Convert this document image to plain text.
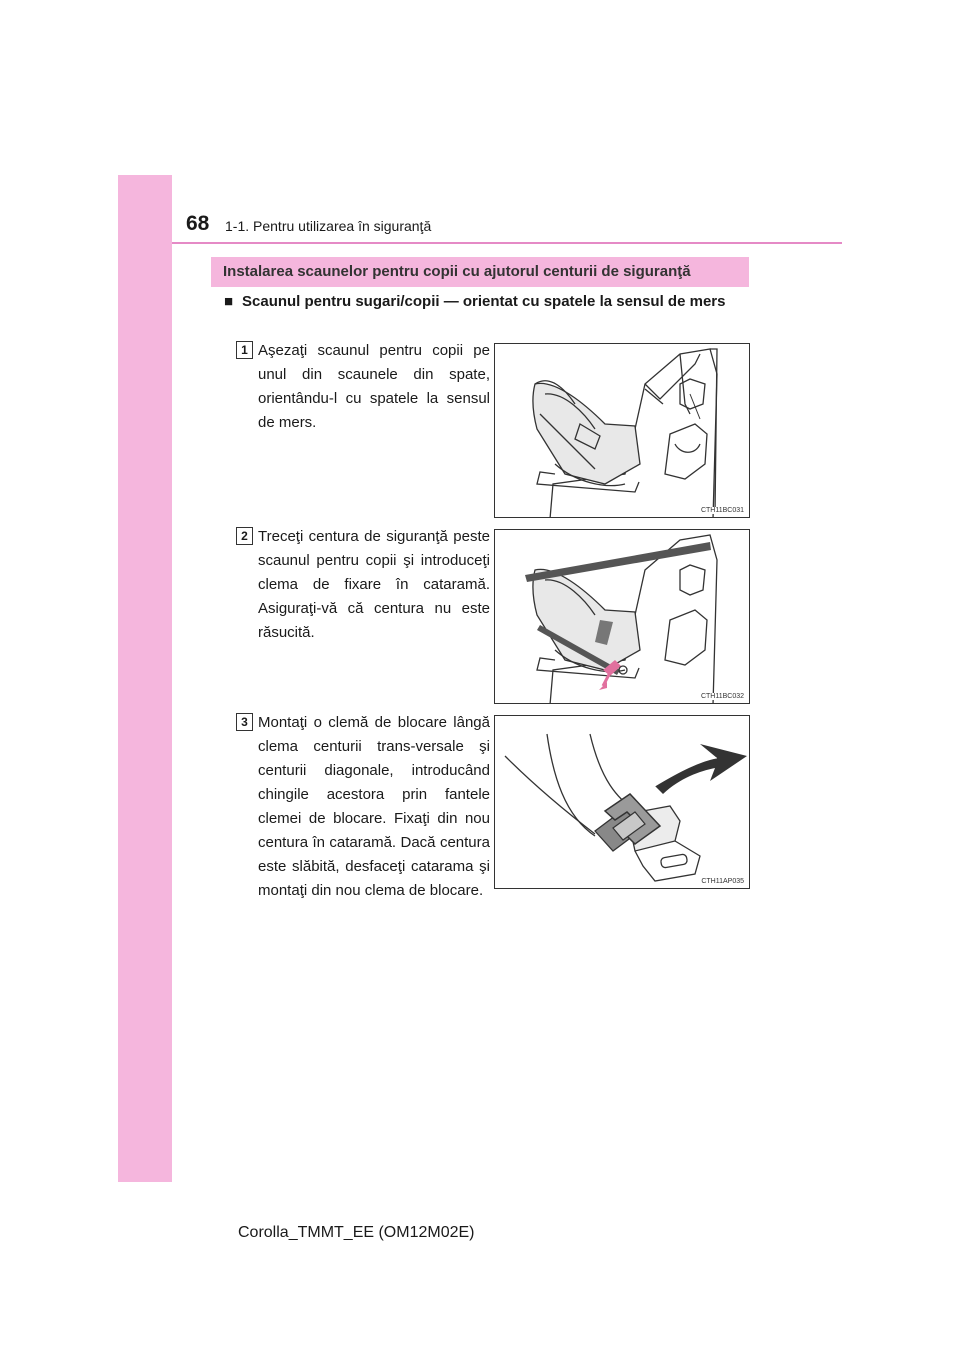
68 1-1. Pentru utilizarea în siguranţă
Instalarea scaunelor pentru copii cu ajutorul centurii de siguranţă
■ Scaunul pentru sugari/copii — orientat cu spatele la sensul de mers
1 Aşezaţi scaunul pentru copii pe unul din scaunele din spate, orientându-l cu spatele la sensul de mers.
CTH11BC031
2 Treceţi centura de siguranţă peste scaunul pentru copii şi introduceţi clema de fixare în cataramă. Asiguraţi-vă că centura nu este răsucită.
CTH11BC032
3 Montaţi o clemă de blocare lângă clema centurii trans-versale şi centurii diagonale, introducând chingile acestora prin fantele clemei de blocare. Fixaţi din nou centura în cataramă. Dacă centura este slăbită, desfaceţi catarama şi montaţi din nou clema de blocare.
CTH11AP035
Corolla_TMMT_EE (OM12M02E)
